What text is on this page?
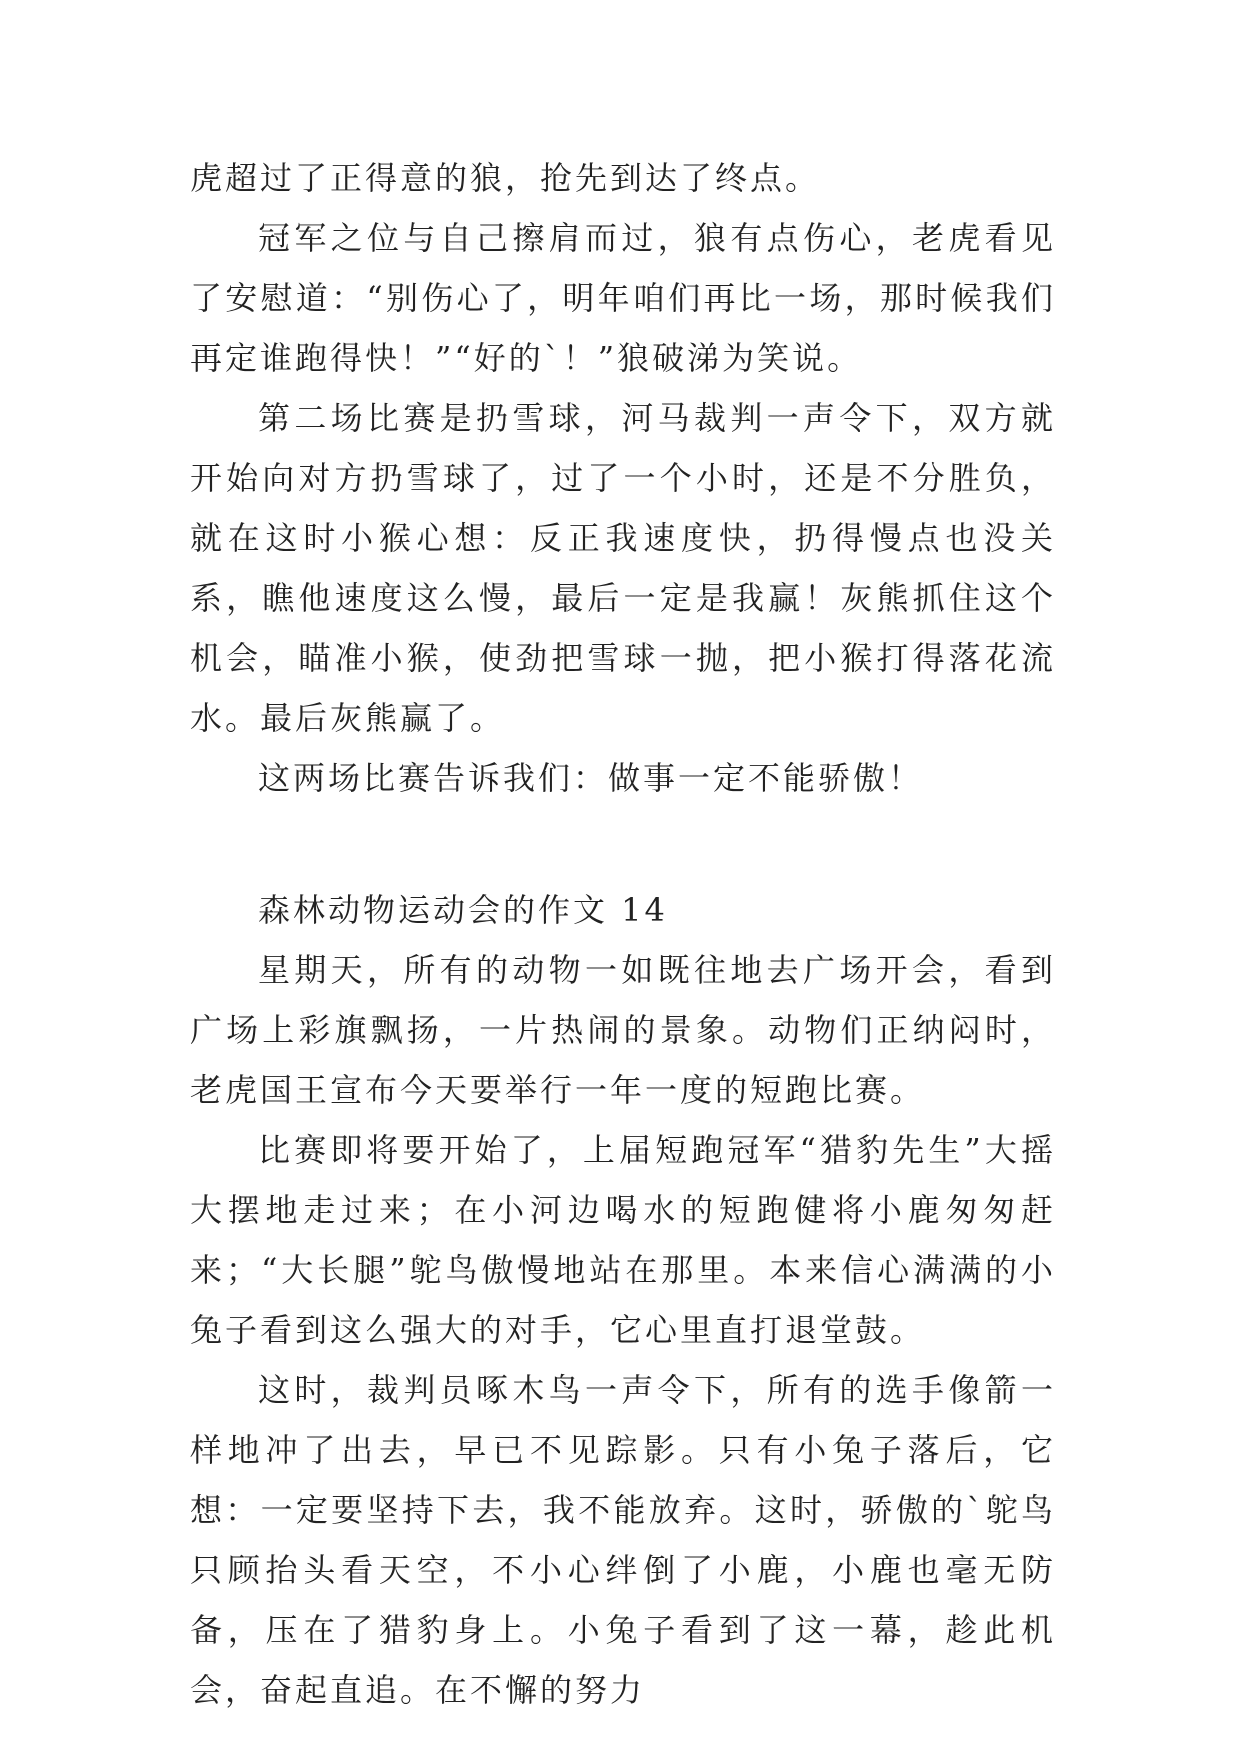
虎超过了正得意的狼，抢先到达了终点。

冠军之位与自己擦肩而过，狼有点伤心，老虎看见了安慰道：“别伤心了，明年咱们再比一场，那时候我们再定谁跑得快！”“好的`！”狼破涕为笑说。

第二场比赛是扔雪球，河马裁判一声令下，双方就开始向对方扔雪球了，过了一个小时，还是不分胜负，就在这时小猴心想：反正我速度快，扔得慢点也没关系，瞧他速度这么慢，最后一定是我赢！灰熊抓住这个机会，瞄准小猴，使劲把雪球一抛，把小猴打得落花流水。最后灰熊赢了。

这两场比赛告诉我们：做事一定不能骄傲！

森林动物运动会的作文 14

星期天，所有的动物一如既往地去广场开会，看到广场上彩旗飘扬，一片热闹的景象。动物们正纳闷时，老虎国王宣布今天要举行一年一度的短跑比赛。

比赛即将要开始了，上届短跑冠军“猎豹先生”大摇大摆地走过来；在小河边喝水的短跑健将小鹿匆匆赶来；“大长腿”鸵鸟傲慢地站在那里。本来信心满满的小兔子看到这么强大的对手，它心里直打退堂鼓。

这时，裁判员啄木鸟一声令下，所有的选手像箭一样地冲了出去，早已不见踪影。只有小兔子落后，它想：一定要坚持下去，我不能放弃。这时，骄傲的`鸵鸟只顾抬头看天空，不小心绊倒了小鹿，小鹿也毫无防备，压在了猎豹身上。小兔子看到了这一幕，趁此机会，奋起直追。在不懈的努力
